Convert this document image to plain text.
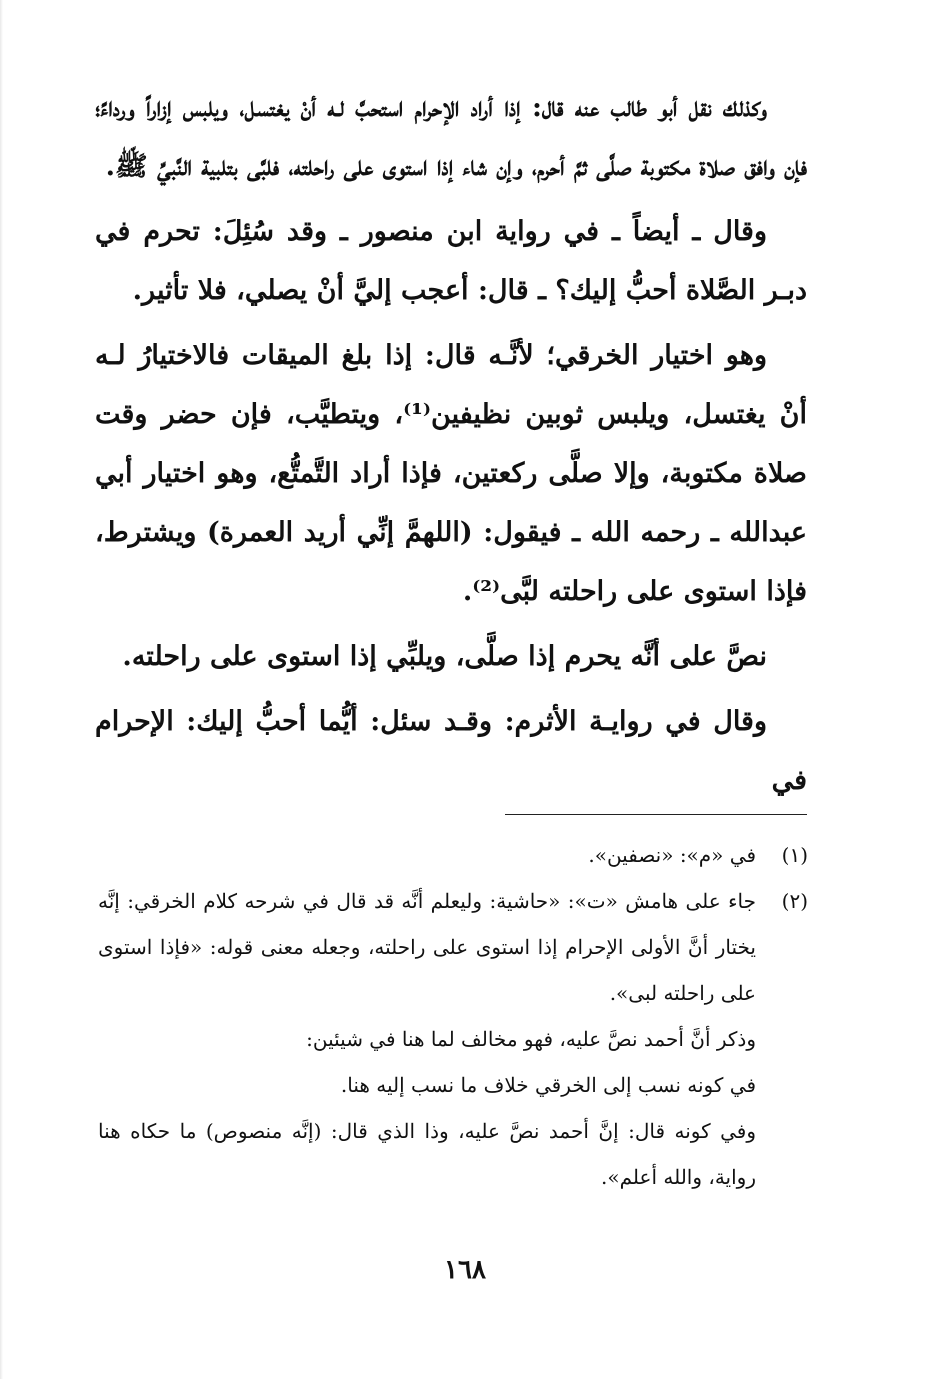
وكذلك نقل أبو طالب عنه قال: إذا أراد الإحرام استحبَّ لـه أنْ يغتسل، ويلبس إزاراً ورداءً؛ فإن وافق صلاة مكتوبة صلَّى ثمَّ أحرم، وإن شاء إذا استوى على راحلته، فلبَّى بتلبية النَّبيِّ ﷺ.

وقال ـ أيضاً ـ في رواية ابن منصور ـ وقد سُئِلَ: تحرم في دبـر الصَّلاة أحبُّ إليك؟ ـ قال: أعجب إليَّ أنْ يصلي، فلا تأثير.

وهو اختيار الخرقي؛ لأنَّـه قال: إذا بلغ الميقات فالاختيارُ لـه أنْ يغتسل، ويلبس ثوبين نظيفين⁽¹⁾، ويتطيَّب، فإن حضر وقت صلاة مكتوبة، وإلا صلَّى ركعتين، فإذا أراد التَّمتُّع، وهو اختيار أبي عبدالله ـ رحمه الله ـ فيقول: (اللهمَّ إنِّي أريد العمرة) ويشترط، فإذا استوى على راحلته لبَّى⁽²⁾.

نصَّ على أنَّه يحرم إذا صلَّى، ويلبِّي إذا استوى على راحلته.

وقال في روايـة الأثرم: وقـد سئل: أيُّما أحبُّ إليك: الإحرام في

(١)
في «م»: «نصفين».
(٢)
جاء على هامش «ت»: «حاشية: وليعلم أنَّه قد قال في شرحه كلام الخرقي: إنَّه يختار أنَّ الأولى الإحرام إذا استوى على راحلته، وجعله معنى قوله: «فإذا استوى على راحلته لبى».
وذكر أنَّ أحمد نصَّ عليه، فهو مخالف لما هنا في شيئين:
في كونه نسب إلى الخرقي خلاف ما نسب إليه هنا.
وفي كونه قال: إنَّ أحمد نصَّ عليه، وذا الذي قال: (إنَّه منصوص) ما حكاه هنا رواية، والله أعلم».
١٦٨
